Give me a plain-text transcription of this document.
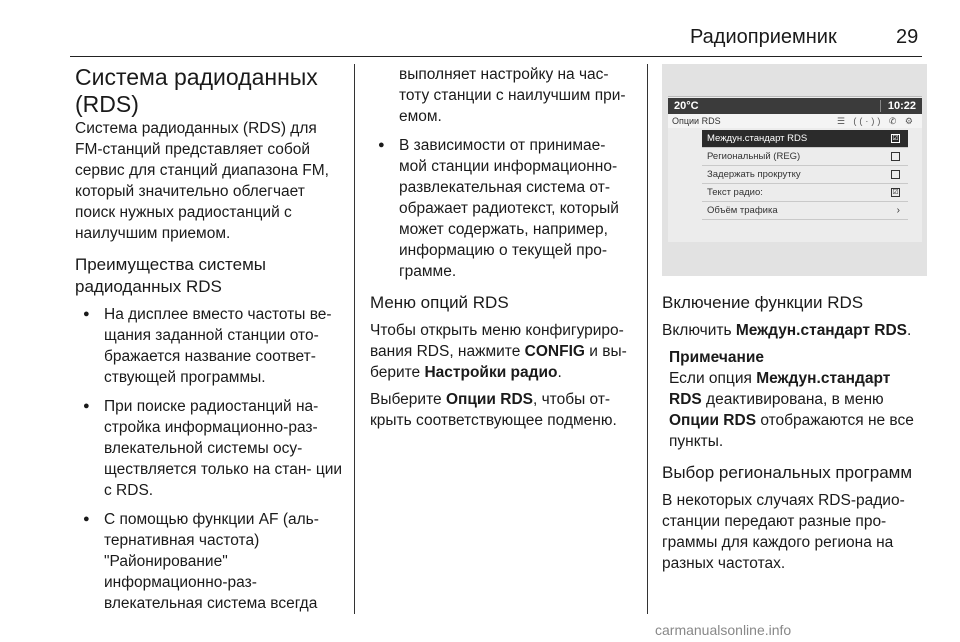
Радиоприемник	29
Система радиоданных
(RDS)

Система радиоданных (RDS) для FM-станций представляет собой сервис для станций диапазона FM, который значительно облегчает поиск нужных радиостанций с наилучшим приемом.

Преимущества системы радиоданных RDS
● На дисплее вместо частоты ве- щания заданной станции ото- бражается название соответ- ствующей программы.
● При поиске радиостанций на- стройка информационно-раз- влекательной системы осу- ществляется только на стан- ции с RDS.
● С помощью функции AF (аль- тернативная частота) "Районирование" информационно-раз- влекательная система всегда
выполняет настройку на час- тоту станции с наилучшим при- емом.
● В зависимости от принимае- мой станции информационно- развлекательная система от- ображает радиотекст, который может содержать, например, информацию о текущей про- грамме.
Меню опций RDS

Чтобы открыть меню конфигуриро- вания RDS, нажмите CONFIG и вы- берите Настройки радио.

Выберите Опции RDS, чтобы от- крыть соответствующее подменю.

20°C	10:22
Опции RDS	☰ ((·)) ✆ ⚙
Междун.стандарт RDS	☑
Региональный (REG)
Задержать прокрутку
Текст радио:	☑
Объём трафика	›
Включение функции RDS

Включить Междун.стандарт RDS.

Примечание

Если опция Междун.стандарт RDS деактивирована, в меню Опции RDS отображаются не все пункты.

Выбор региональных программ

В некоторых случаях RDS-радио- станции передают разные про- граммы для каждого региона на разных частотах.

carmanualsonline.info
